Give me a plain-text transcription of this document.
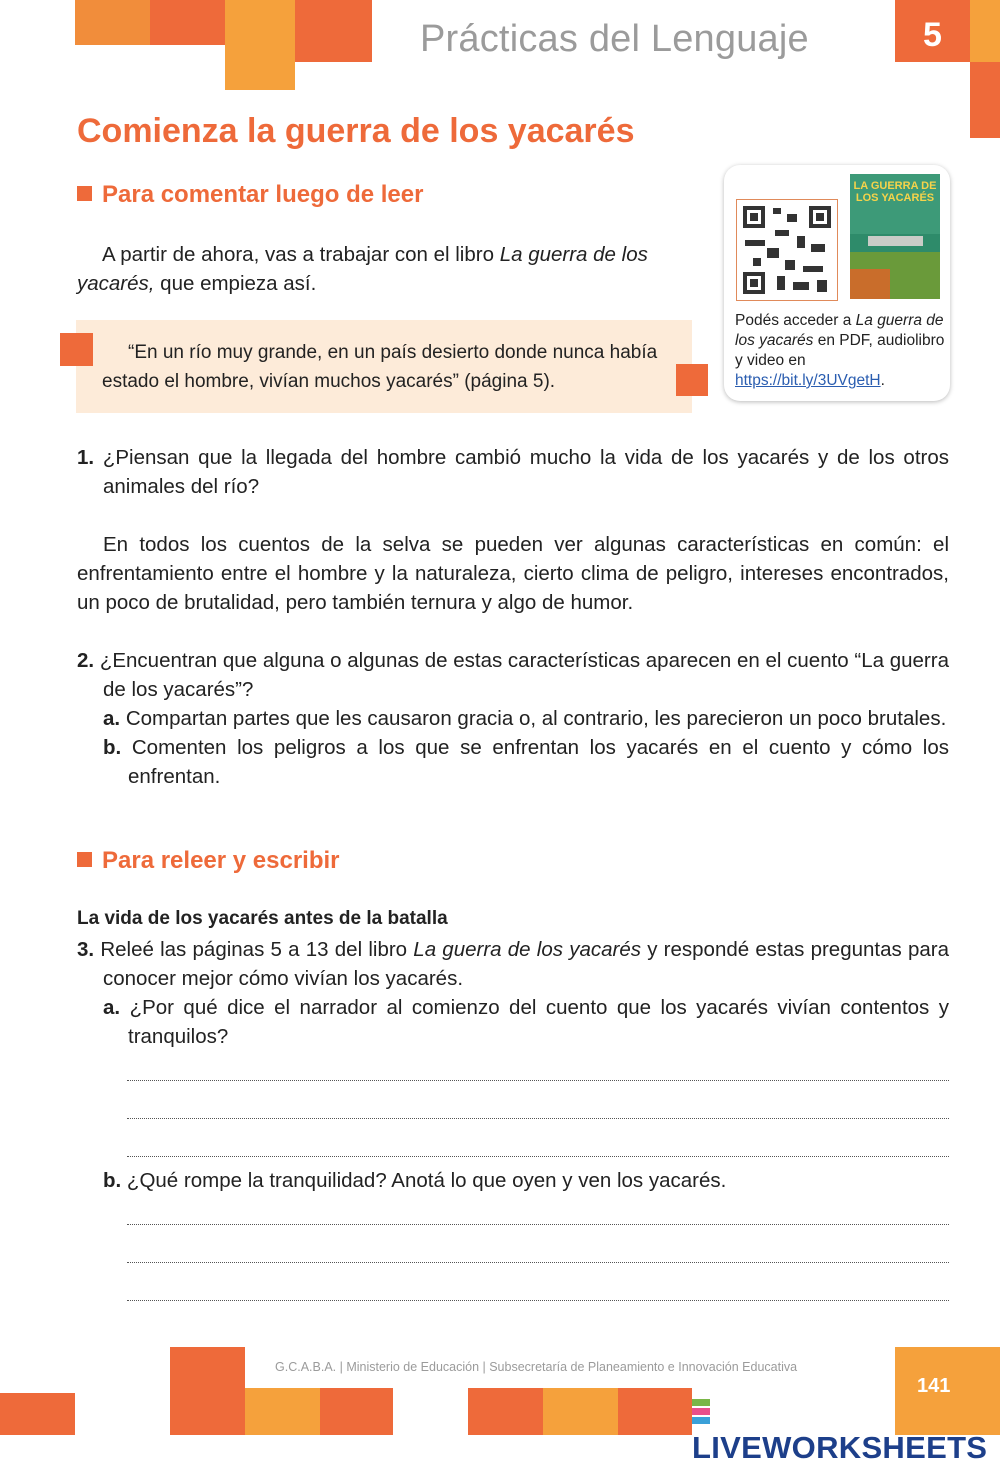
Prácticas del Lenguaje	5
Comienza la guerra de los yacarés
Para comentar luego de leer
A partir de ahora, vas a trabajar con el libro La guerra de los yacarés, que empieza así.
“En un río muy grande, en un país desierto donde nunca había estado el hombre, vivían muchos yacarés” (página 5).
LA GUERRA DE LOS YACARÉS
Podés acceder a La guerra de los yacarés en PDF, audiolibro y video en https://bit.ly/3UVgetH.
1. ¿Piensan que la llegada del hombre cambió mucho la vida de los yacarés y de los otros animales del río?
En todos los cuentos de la selva se pueden ver algunas características en común: el enfrentamiento entre el hombre y la naturaleza, cierto clima de peligro, intereses encontrados, un poco de brutalidad, pero también ternura y algo de humor.
2. ¿Encuentran que alguna o algunas de estas características aparecen en el cuento “La guerra de los yacarés”?
a. Compartan partes que les causaron gracia o, al contrario, les parecieron un poco brutales.
b. Comenten los peligros a los que se enfrentan los yacarés en el cuento y cómo los enfrentan.
Para releer y escribir
La vida de los yacarés antes de la batalla
3. Releé las páginas 5 a 13 del libro La guerra de los yacarés y respondé estas preguntas para conocer mejor cómo vivían los yacarés.
a. ¿Por qué dice el narrador al comienzo del cuento que los yacarés vivían contentos y tranquilos?
b. ¿Qué rompe la tranquilidad? Anotá lo que oyen y ven los yacarés.
G.C.A.B.A. | Ministerio de Educación | Subsecretaría de Planeamiento e Innovación Educativa
141
LIVEWORKSHEETS
